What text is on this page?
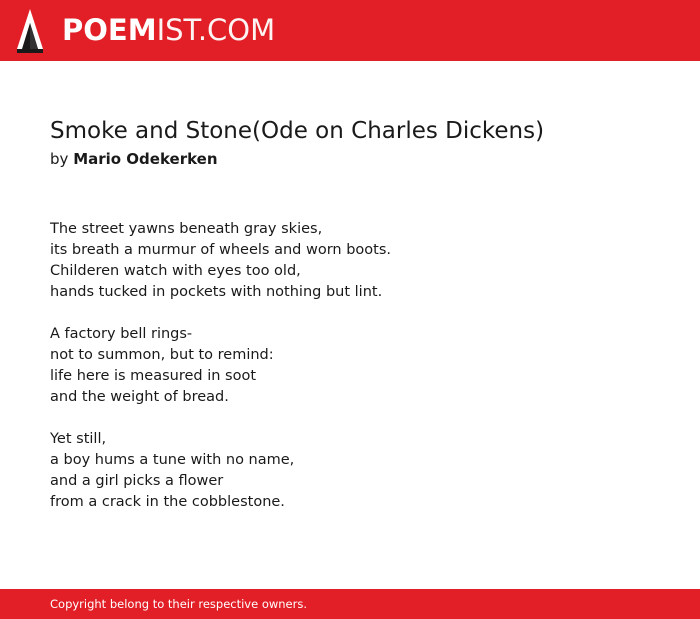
POEMIST.COM
Smoke and Stone(Ode on Charles Dickens)
by Mario Odekerken
The street yawns beneath gray skies,
its breath a murmur of wheels and worn boots.
Childeren watch with eyes too old,
hands tucked in pockets with nothing but lint.
A factory bell rings-
not to summon, but to remind:
life here is measured in soot
and the weight of bread.
Yet still,
a boy hums a tune with no name,
and a girl picks a flower
from a crack in the cobblestone.
Copyright belong to their respective owners.
